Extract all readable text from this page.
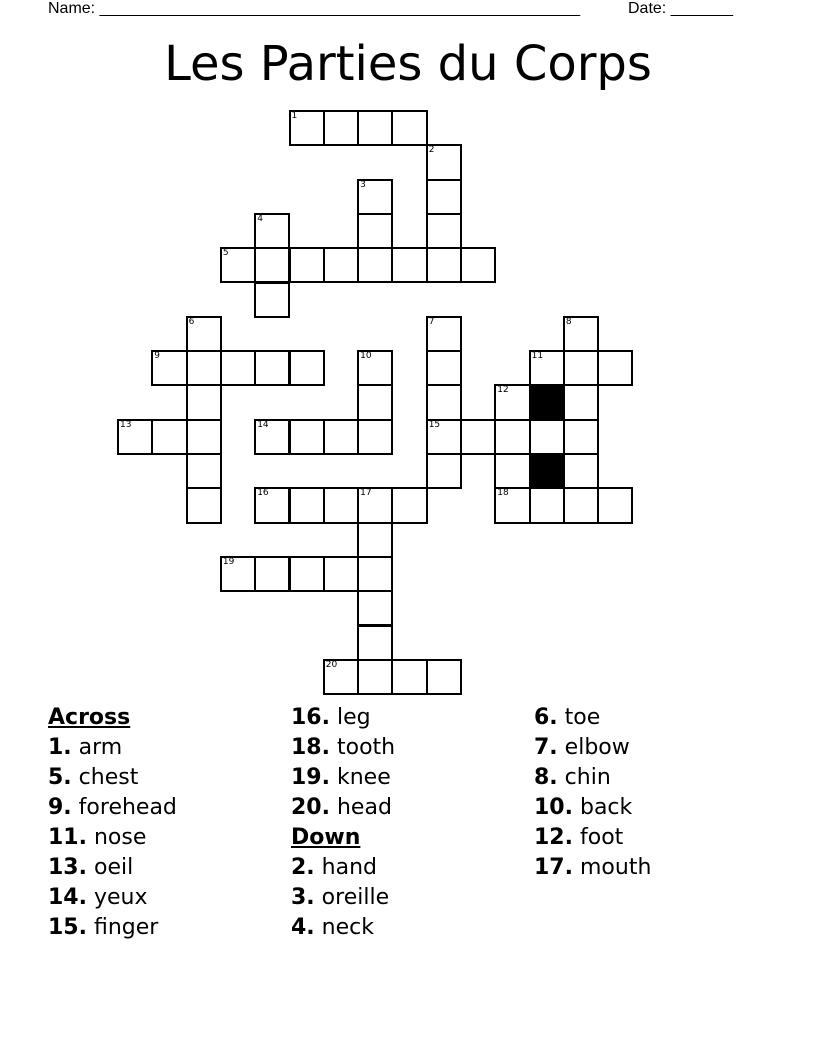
Name: ______________________________________________________	Date: _______
Les Parties du Corps
1
2
3
4
5
6	7	8
9	10	11
12
13	14	15
16	17	18
19
20
Across
1. arm
5. chest
9. forehead
11. nose
13. oeil
14. yeux
15. finger
16. leg
18. tooth
19. knee
20. head
Down
2. hand
3. oreille
4. neck
6. toe
7. elbow
8. chin
10. back
12. foot
17. mouth
